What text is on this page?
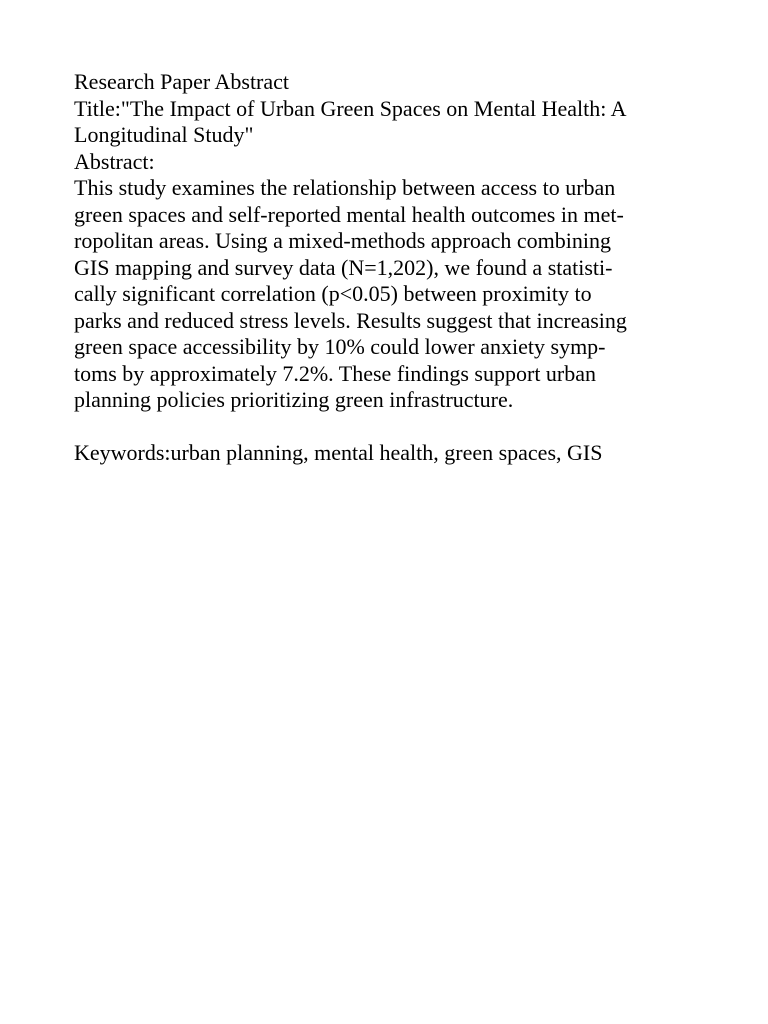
Research Paper Abstract
Title:"The Impact of Urban Green Spaces on Mental Health: A
Longitudinal Study"
Abstract:
This study examines the relationship between access to urban
green spaces and self-reported mental health outcomes in met-
ropolitan areas. Using a mixed-methods approach combining
GIS mapping and survey data (N=1,202), we found a statisti-
cally significant correlation (p<0.05) between proximity to
parks and reduced stress levels. Results suggest that increasing
green space accessibility by 10% could lower anxiety symp-
toms by approximately 7.2%. These findings support urban
planning policies prioritizing green infrastructure.
Keywords:urban planning, mental health, green spaces, GIS
